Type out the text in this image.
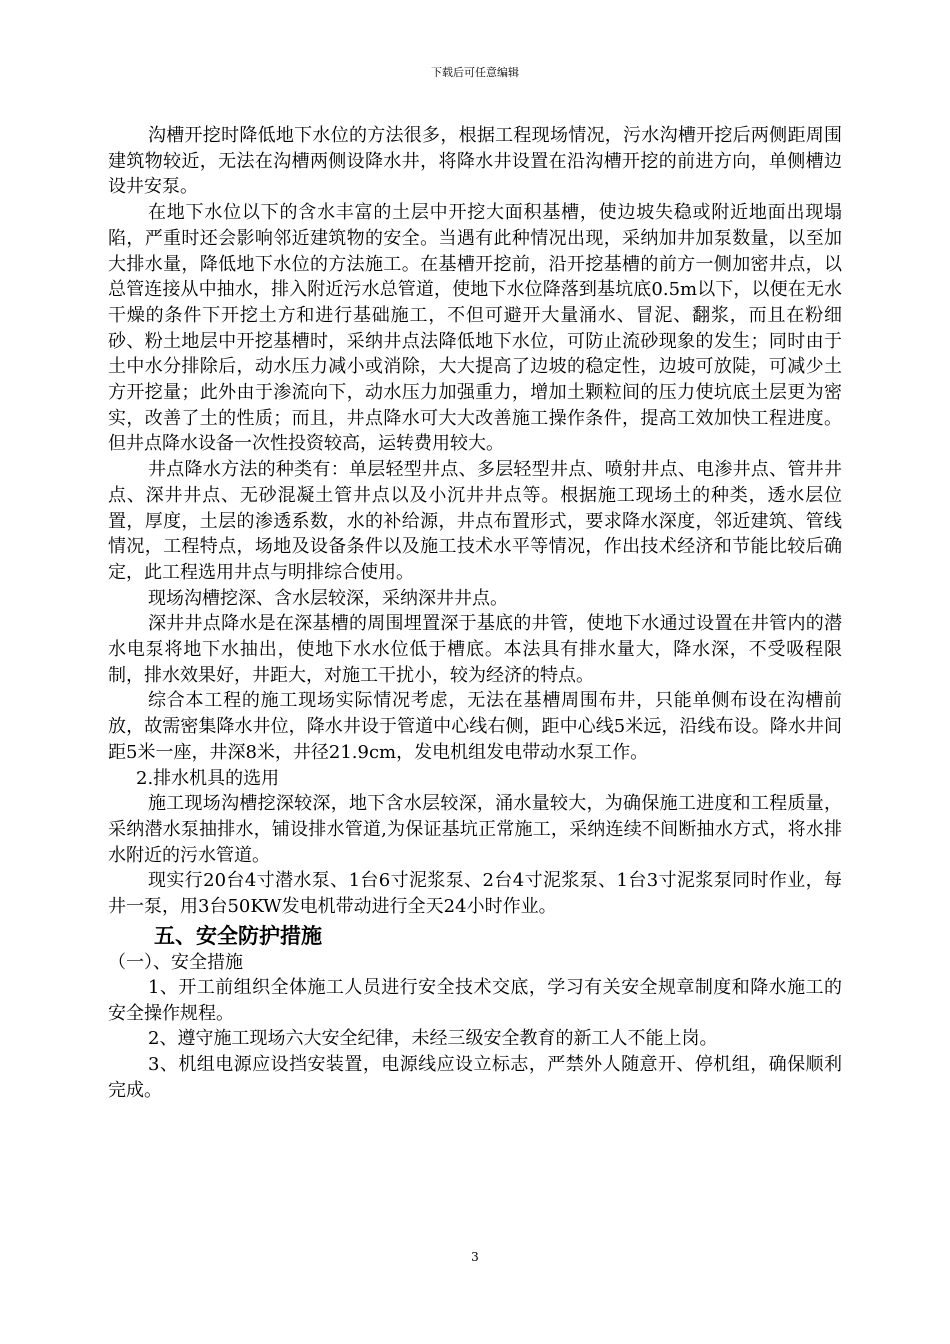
下载后可任意编辑

沟槽开挖时降低地下水位的方法很多，根据工程现场情况，污水沟槽开挖后两侧距周围建筑物较近，无法在沟槽两侧设降水井，将降水井设置在沿沟槽开挖的前进方向，单侧槽边设井安泵。

在地下水位以下的含水丰富的土层中开挖大面积基槽，使边坡失稳或附近地面出现塌陷，严重时还会影响邻近建筑物的安全。当遇有此种情况出现，采纳加井加泵数量，以至加大排水量，降低地下水位的方法施工。在基槽开挖前，沿开挖基槽的前方一侧加密井点，以总管连接从中抽水，排入附近污水总管道，使地下水位降落到基坑底0.5m以下，以便在无水干燥的条件下开挖土方和进行基础施工，不但可避开大量涌水、冒泥、翻浆，而且在粉细砂、粉土地层中开挖基槽时，采纳井点法降低地下水位，可防止流砂现象的发生；同时由于土中水分排除后，动水压力减小或消除，大大提高了边坡的稳定性，边坡可放陡，可减少土方开挖量；此外由于渗流向下，动水压力加强重力，增加土颗粒间的压力使坑底土层更为密实，改善了土的性质；而且，井点降水可大大改善施工操作条件，提高工效加快工程进度。但井点降水设备一次性投资较高，运转费用较大。

井点降水方法的种类有：单层轻型井点、多层轻型井点、喷射井点、电渗井点、管井井点、深井井点、无砂混凝土管井点以及小沉井井点等。根据施工现场土的种类，透水层位置，厚度，土层的渗透系数，水的补给源，井点布置形式，要求降水深度，邻近建筑、管线情况，工程特点，场地及设备条件以及施工技术水平等情况，作出技术经济和节能比较后确定，此工程选用井点与明排综合使用。

现场沟槽挖深、含水层较深，采纳深井井点。

深井井点降水是在深基槽的周围埋置深于基底的井管，使地下水通过设置在井管内的潜水电泵将地下水抽出，使地下水水位低于槽底。本法具有排水量大，降水深，不受吸程限制，排水效果好，井距大，对施工干扰小，较为经济的特点。

综合本工程的施工现场实际情况考虑，无法在基槽周围布井，只能单侧布设在沟槽前放，故需密集降水井位，降水井设于管道中心线右侧，距中心线5米远，沿线布设。降水井间距5米一座，井深8米，井径21.9cm，发电机组发电带动水泵工作。

2.排水机具的选用

施工现场沟槽挖深较深，地下含水层较深，涌水量较大，为确保施工进度和工程质量，采纳潜水泵抽排水，铺设排水管道,为保证基坑正常施工，采纳连续不间断抽水方式，将水排水附近的污水管道。

现实行20台4寸潜水泵、1台6寸泥浆泵、2台4寸泥浆泵、1台3寸泥浆泵同时作业，每井一泵，用3台50KW发电机带动进行全天24小时作业。

五、安全防护措施
（一）、安全措施

1、开工前组织全体施工人员进行安全技术交底，学习有关安全规章制度和降水施工的安全操作规程。

2、遵守施工现场六大安全纪律，未经三级安全教育的新工人不能上岗。

3、机组电源应设挡安装置，电源线应设立标志，严禁外人随意开、停机组，确保顺利完成。

3
